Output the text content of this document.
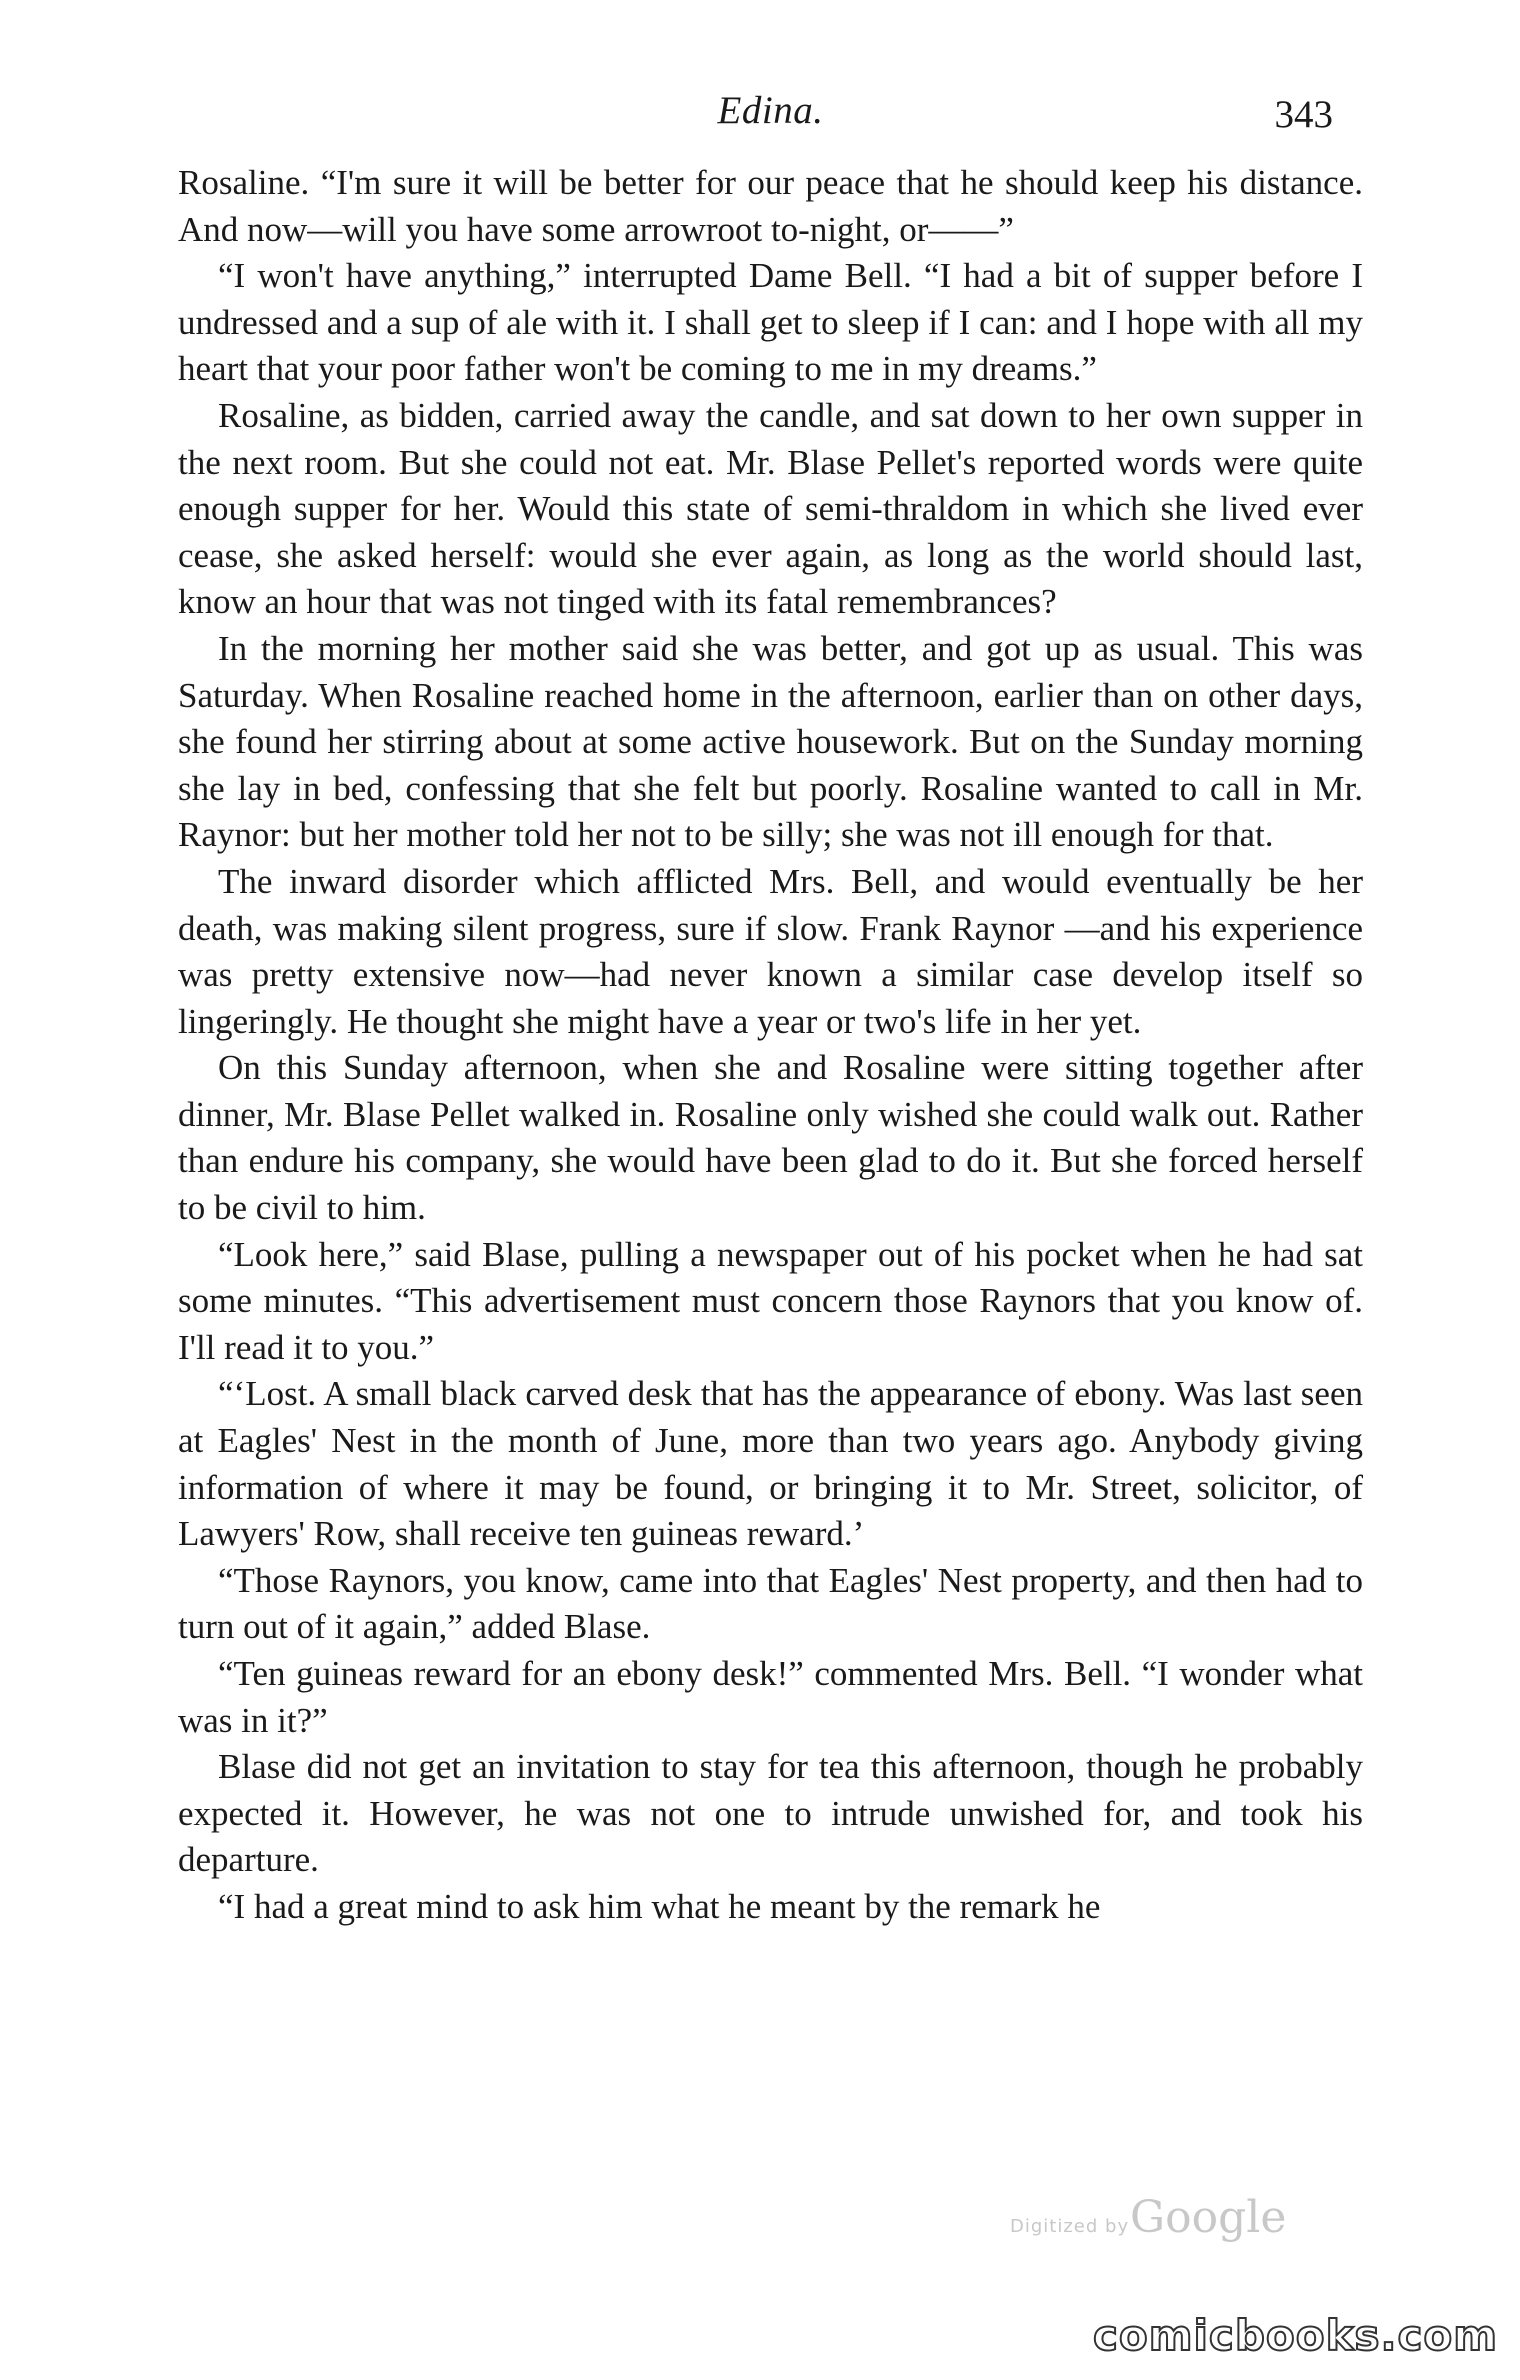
Edina.	343

Rosaline. “I'm sure it will be better for our peace that he should keep his distance. And now—will you have some arrowroot to-night, or——”

“I won't have anything,” interrupted Dame Bell. “I had a bit of supper before I undressed and a sup of ale with it. I shall get to sleep if I can: and I hope with all my heart that your poor father won't be coming to me in my dreams.”

Rosaline, as bidden, carried away the candle, and sat down to her own supper in the next room. But she could not eat. Mr. Blase Pellet's reported words were quite enough supper for her. Would this state of semi-thraldom in which she lived ever cease, she asked herself: would she ever again, as long as the world should last, know an hour that was not tinged with its fatal remembrances?

In the morning her mother said she was better, and got up as usual. This was Saturday. When Rosaline reached home in the afternoon, earlier than on other days, she found her stirring about at some active housework. But on the Sunday morning she lay in bed, confessing that she felt but poorly. Rosaline wanted to call in Mr. Raynor: but her mother told her not to be silly; she was not ill enough for that.

The inward disorder which afflicted Mrs. Bell, and would eventually be her death, was making silent progress, sure if slow. Frank Raynor —and his experience was pretty extensive now—had never known a similar case develop itself so lingeringly. He thought she might have a year or two's life in her yet.

On this Sunday afternoon, when she and Rosaline were sitting together after dinner, Mr. Blase Pellet walked in. Rosaline only wished she could walk out. Rather than endure his company, she would have been glad to do it. But she forced herself to be civil to him.

“Look here,” said Blase, pulling a newspaper out of his pocket when he had sat some minutes. “This advertisement must concern those Raynors that you know of. I'll read it to you.”

“‘Lost. A small black carved desk that has the appearance of ebony. Was last seen at Eagles' Nest in the month of June, more than two years ago. Anybody giving information of where it may be found, or bringing it to Mr. Street, solicitor, of Lawyers' Row, shall receive ten guineas reward.’

“Those Raynors, you know, came into that Eagles' Nest property, and then had to turn out of it again,” added Blase.

“Ten guineas reward for an ebony desk!” commented Mrs. Bell. “I wonder what was in it?”

Blase did not get an invitation to stay for tea this afternoon, though he probably expected it. However, he was not one to intrude unwished for, and took his departure.

“I had a great mind to ask him what he meant by the remark he

Digitized by Google
comicbooks.com
